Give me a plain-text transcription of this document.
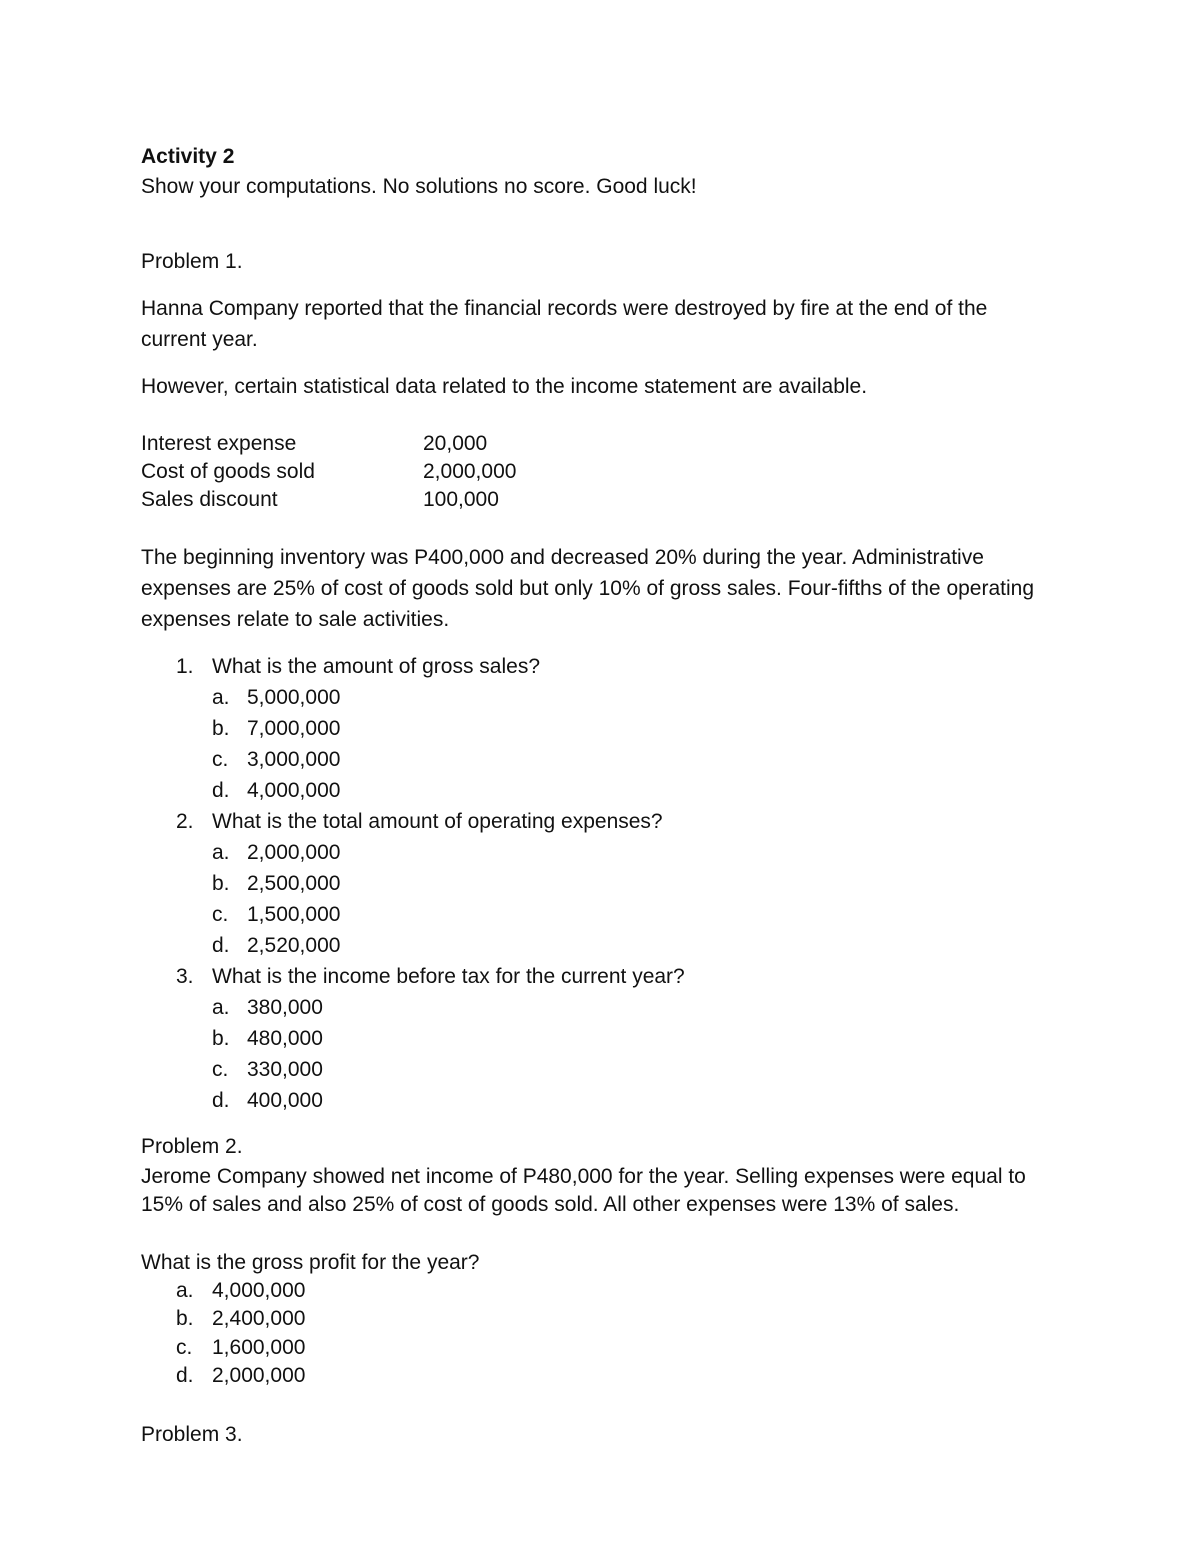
Activity 2
Show your computations. No solutions no score. Good luck!
Problem 1.
Hanna Company reported that the financial records were destroyed by fire at the end of the
current year.
However, certain statistical data related to the income statement are available.
Interest expense	20,000
Cost of goods sold	2,000,000
Sales discount	100,000
The beginning inventory was P400,000 and decreased 20% during the year. Administrative
expenses are 25% of cost of goods sold but only 10% of gross sales. Four-fifths of the operating
expenses relate to sale activities.
1. What is the amount of gross sales?
a. 5,000,000
b. 7,000,000
c. 3,000,000
d. 4,000,000
2. What is the total amount of operating expenses?
a. 2,000,000
b. 2,500,000
c. 1,500,000
d. 2,520,000
3. What is the income before tax for the current year?
a. 380,000
b. 480,000
c. 330,000
d. 400,000
Problem 2.
Jerome Company showed net income of P480,000 for the year. Selling expenses were equal to
15% of sales and also 25% of cost of goods sold. All other expenses were 13% of sales.
What is the gross profit for the year?
a. 4,000,000
b. 2,400,000
c. 1,600,000
d. 2,000,000
Problem 3.
